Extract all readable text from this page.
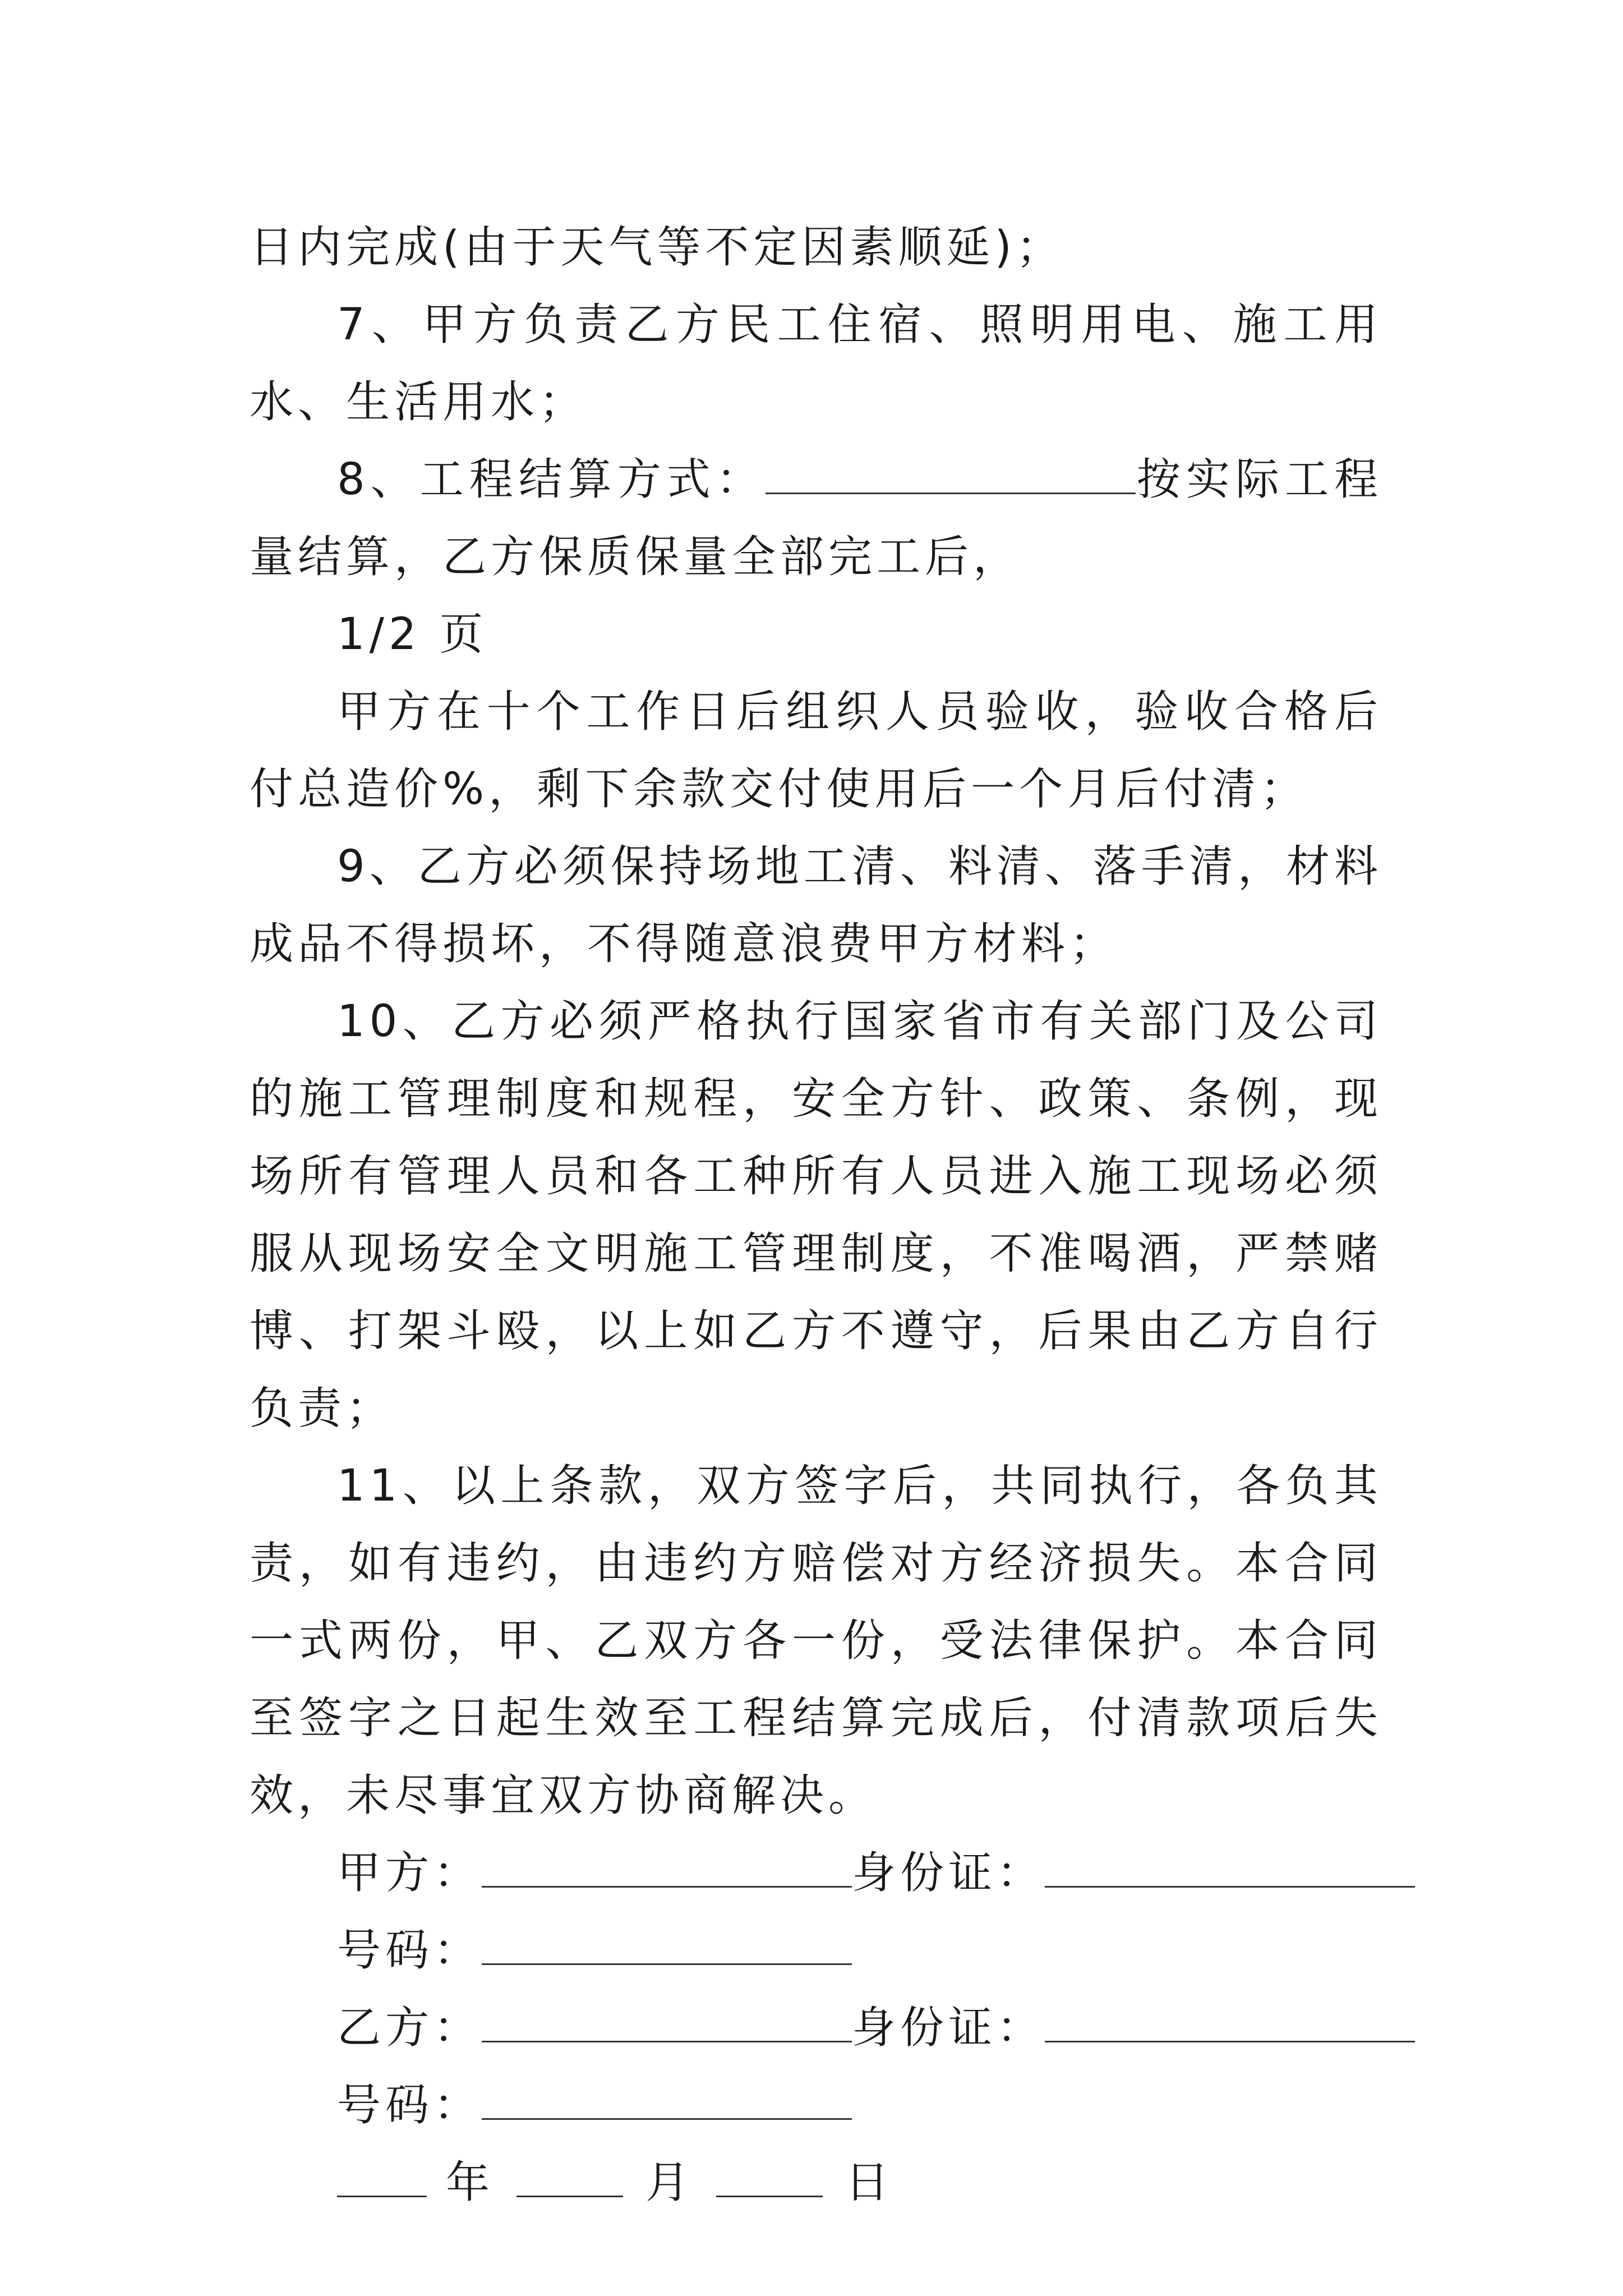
日内完成(由于天气等不定因素顺延)；

7、甲方负责乙方民工住宿、照明用电、施工用水、生活用水；

8、工程结算方式：	按实际工程量结算，乙方保质保量全部完工后，

1/2 页

甲方在十个工作日后组织人员验收，验收合格后付总造价%，剩下余款交付使用后一个月后付清；

9、乙方必须保持场地工清、料清、落手清，材料成品不得损坏，不得随意浪费甲方材料；

10、乙方必须严格执行国家省市有关部门及公司的施工管理制度和规程，安全方针、政策、条例，现场所有管理人员和各工种所有人员进入施工现场必须服从现场安全文明施工管理制度，不准喝酒，严禁赌博、打架斗殴，以上如乙方不遵守，后果由乙方自行负责；

11、以上条款，双方签字后，共同执行，各负其责，如有违约，由违约方赔偿对方经济损失。本合同一式两份，甲、乙双方各一份，受法律保护。本合同至签字之日起生效至工程结算完成后，付清款项后失效，未尽事宜双方协商解决。

甲方：	身份证：

号码：

乙方：	身份证：

号码：

年	月	日
